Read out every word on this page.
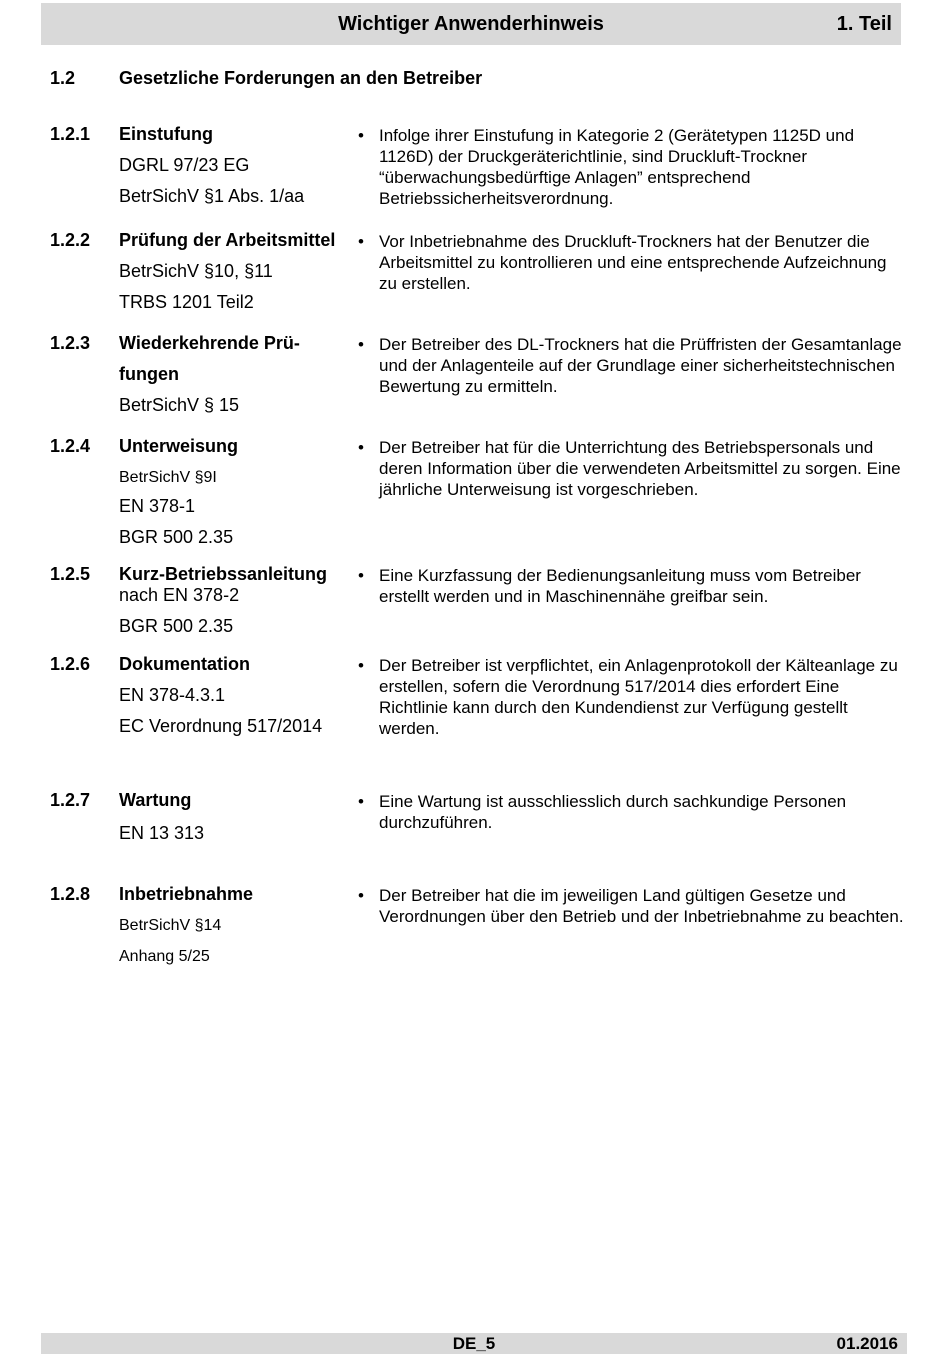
Wichtiger Anwenderhinweis	1. Teil
1.2 Gesetzliche Forderungen an den Betreiber
1.2.1 Einstufung
DGRL 97/23 EG
BetrSichV §1 Abs. 1/aa
• Infolge ihrer Einstufung in Kategorie 2 (Gerätetypen 1125D und 1126D) der Druckgeräterichtlinie, sind Druckluft-Trockner “überwachungsbedürftige Anlagen” entsprechend Betriebssicherheitsverordnung.
1.2.2 Prüfung der Arbeitsmittel
BetrSichV §10, §11
TRBS 1201 Teil2
• Vor Inbetriebnahme des Druckluft-Trockners hat der Benutzer die Arbeitsmittel zu kontrollieren und eine entsprechende Aufzeichnung zu erstellen.
1.2.3 Wiederkehrende Prü-
fungen
BetrSichV § 15
• Der Betreiber des DL-Trockners hat die Prüffristen der Gesamtanlage und der Anlagenteile auf der Grundlage einer sicherheitstechnischen Bewertung zu ermitteln.
1.2.4 Unterweisung
BetrSichV §9I
EN 378-1
BGR 500 2.35
• Der Betreiber hat für die Unterrichtung des Betriebspersonals und deren Information über die verwendeten Arbeitsmittel zu sorgen. Eine jährliche Unterweisung ist vorgeschrieben.
1.2.5 Kurz-Betriebssanleitung
nach EN 378-2
BGR 500 2.35
• Eine Kurzfassung der Bedienungsanleitung muss vom Betreiber erstellt werden und in Maschinennähe greifbar sein.
1.2.6 Dokumentation
EN 378-4.3.1
EC Verordnung 517/2014
• Der Betreiber ist verpflichtet, ein Anlagenprotokoll der Kälteanlage zu erstellen, sofern die Verordnung 517/2014 dies erfordert Eine Richtlinie kann durch den Kundendienst zur Verfügung gestellt werden.
1.2.7 Wartung
EN 13 313
• Eine Wartung ist ausschliesslich durch sachkundige Personen durchzuführen.
1.2.8 Inbetriebnahme
BetrSichV §14
Anhang 5/25
• Der Betreiber hat die im jeweiligen Land gültigen Gesetze und Verordnungen über den Betrieb und der Inbetriebnahme zu beachten.
DE_5	01.2016
